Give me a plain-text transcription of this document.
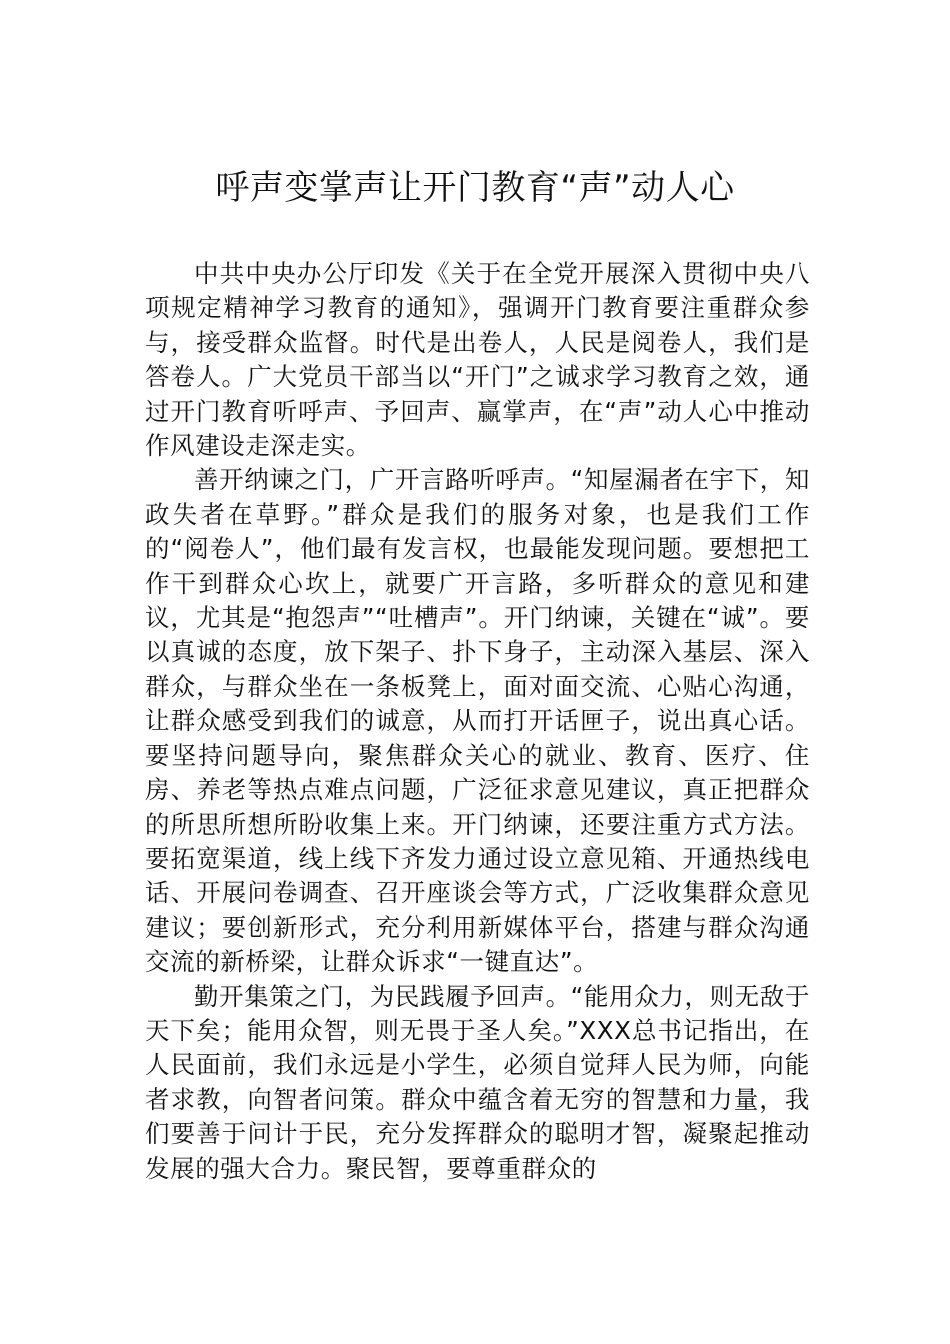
呼声变掌声让开门教育“声”动人心

中共中央办公厅印发《关于在全党开展深入贯彻中央八项规定精神学习教育的通知》，强调开门教育要注重群众参与，接受群众监督。时代是出卷人，人民是阅卷人，我们是答卷人。广大党员干部当以“开门”之诚求学习教育之效，通过开门教育听呼声、予回声、赢掌声，在“声”动人心中推动作风建设走深走实。

善开纳谏之门，广开言路听呼声。“知屋漏者在宇下，知政失者在草野。”群众是我们的服务对象，也是我们工作的“阅卷人”，他们最有发言权，也最能发现问题。要想把工作干到群众心坎上，就要广开言路，多听群众的意见和建议，尤其是“抱怨声”“吐槽声”。开门纳谏，关键在“诚”。要以真诚的态度，放下架子、扑下身子，主动深入基层、深入群众，与群众坐在一条板凳上，面对面交流、心贴心沟通，让群众感受到我们的诚意，从而打开话匣子，说出真心话。要坚持问题导向，聚焦群众关心的就业、教育、医疗、住房、养老等热点难点问题，广泛征求意见建议，真正把群众的所思所想所盼收集上来。开门纳谏，还要注重方式方法。要拓宽渠道，线上线下齐发力通过设立意见箱、开通热线电话、开展问卷调查、召开座谈会等方式，广泛收集群众意见建议；要创新形式，充分利用新媒体平台，搭建与群众沟通交流的新桥梁，让群众诉求“一键直达”。

勤开集策之门，为民践履予回声。“能用众力，则无敌于天下矣；能用众智，则无畏于圣人矣。”XXX总书记指出，在人民面前，我们永远是小学生，必须自觉拜人民为师，向能者求教，向智者问策。群众中蕴含着无穷的智慧和力量，我们要善于问计于民，充分发挥群众的聪明才智，凝聚起推动发展的强大合力。聚民智，要尊重群众的
